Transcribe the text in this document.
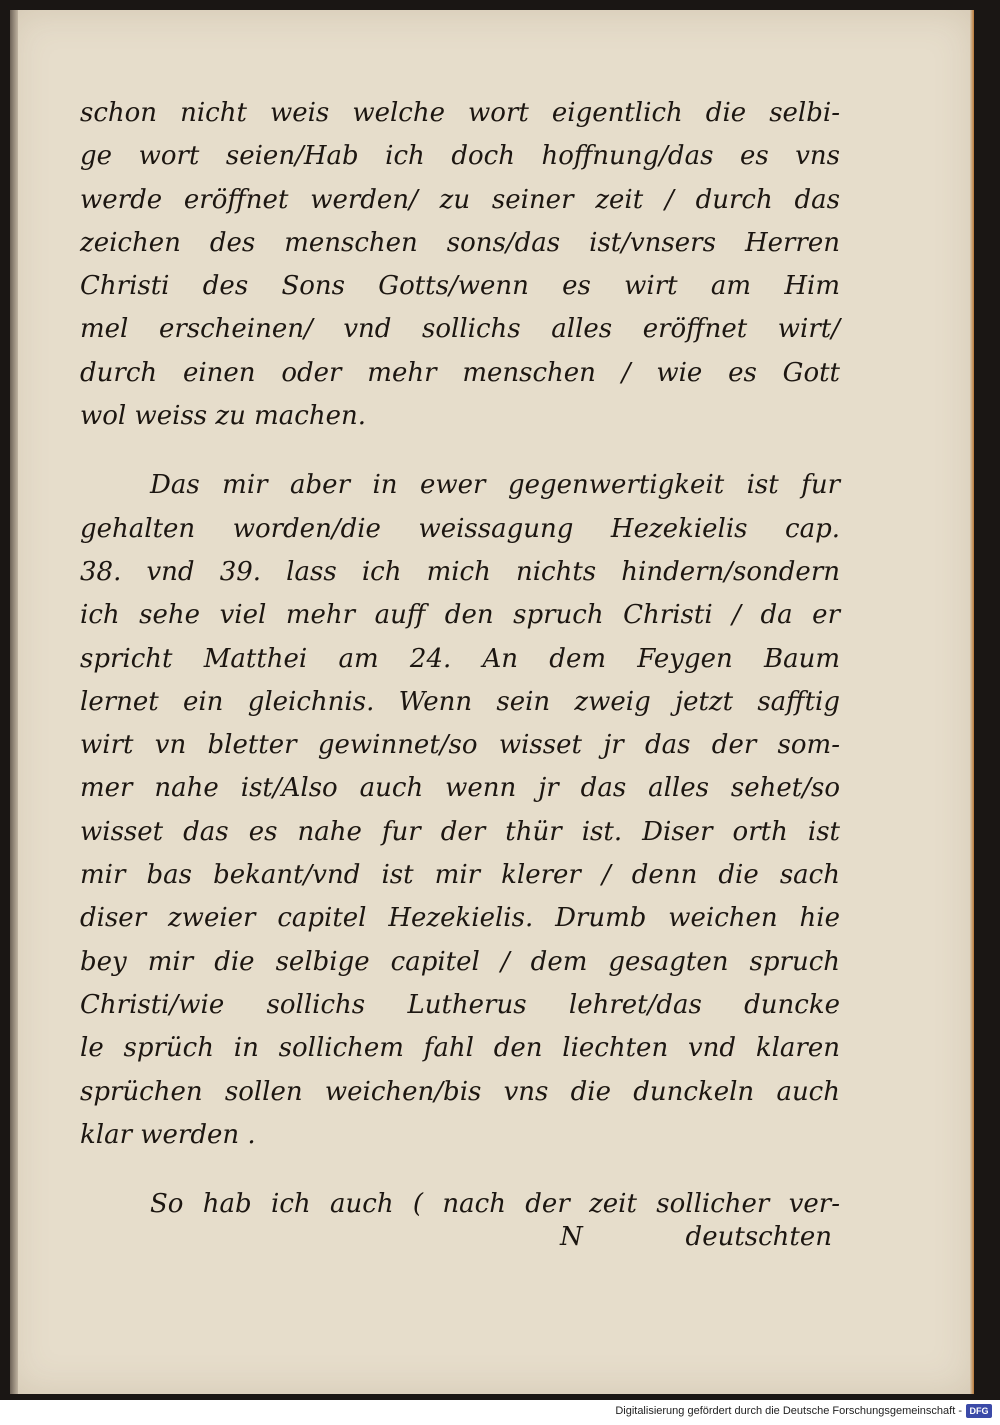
schon nicht weis welche wort eigentlich die selbi-
ge wort seien/Hab ich doch hoffnung/das es vns
werde eröffnet werden/ zu seiner zeit / durch das
zeichen des menschen sons/das ist/vnsers Herren
Christi des Sons Gotts/wenn es wirt am Him
mel erscheinen/ vnd sollichs alles eröffnet wirt/
durch einen oder mehr menschen / wie es Gott
wol weiss zu machen.
Das mir aber in ewer gegenwertigkeit ist fur
gehalten worden/die weissagung Hezekielis cap.
38. vnd 39. lass ich mich nichts hindern/sondern
ich sehe viel mehr auff den spruch Christi / da er
spricht Matthei am 24. An dem Feygen Baum
lernet ein gleichnis. Wenn sein zweig jetzt safftig
wirt vn bletter gewinnet/so wisset jr das der som-
mer nahe ist/Also auch wenn jr das alles sehet/so
wisset das es nahe fur der thür ist. Diser orth ist
mir bas bekant/vnd ist mir klerer / denn die sach
diser zweier capitel Hezekielis. Drumb weichen hie
bey mir die selbige capitel / dem gesagten spruch
Christi/wie sollichs Lutherus lehret/das duncke
le sprüch in sollichem fahl den liechten vnd klaren
sprüchen sollen weichen/bis vns die dunckeln auch
klar werden .
So hab ich auch ( nach der zeit sollicher ver-
N	deutschten
Digitalisierung gefördert durch die Deutsche Forschungsgemeinschaft - DFG
